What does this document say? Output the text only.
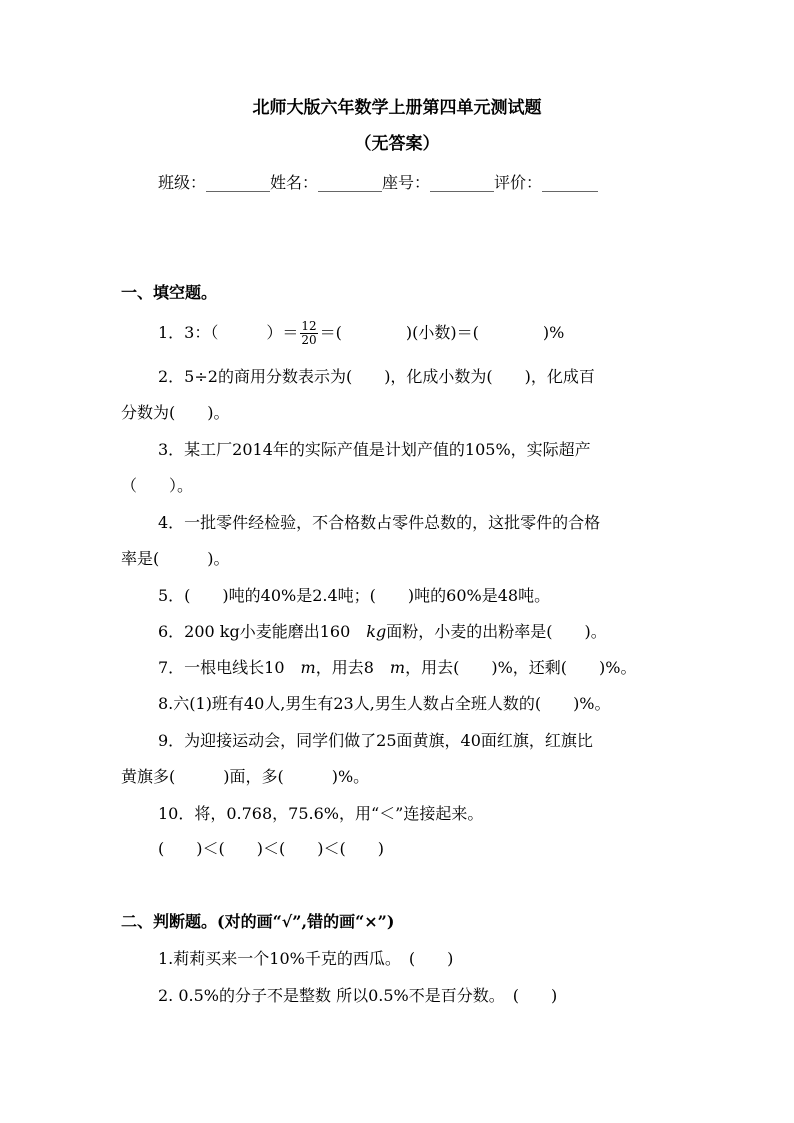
北师大版六年数学上册第四单元测试题
（无答案）
班级：________姓名：________座号：________评价：_______
一、填空题。
1．3：（　　　）＝ $\frac{12}{20}$ ＝(　　　　)(小数)＝(　　　　)%
2．5÷2的商用分数表示为(　　)，化成小数为(　　)，化成百
分数为(　　)。
3．某工厂2014年的实际产值是计划产值的105%，实际超产
（　　）。
4．一批零件经检验，不合格数占零件总数的，这批零件的合格
率是(　　　)。
5．(　　)吨的40%是2.4吨；(　　)吨的60%是48吨。
6．200 kg小麦能磨出160　kg面粉，小麦的出粉率是(　　)。
7．一根电线长10　m，用去8　m，用去(　　)%，还剩(　　)%。
8.六(1)班有40人,男生有23人,男生人数占全班人数的(　　)%。
9．为迎接运动会，同学们做了25面黄旗，40面红旗，红旗比
黄旗多(　　　)面，多(　　　)%。
10．将，0.768，75.6%，用“＜”连接起来。
(　　)＜(　　)＜(　　)＜(　　)
二、判断题。(对的画“√”,错的画“×”)
1.莉莉买来一个10%千克的西瓜。　(　　)
2. 0.5%的分子不是整数 所以0.5%不是百分数。　(　　)
